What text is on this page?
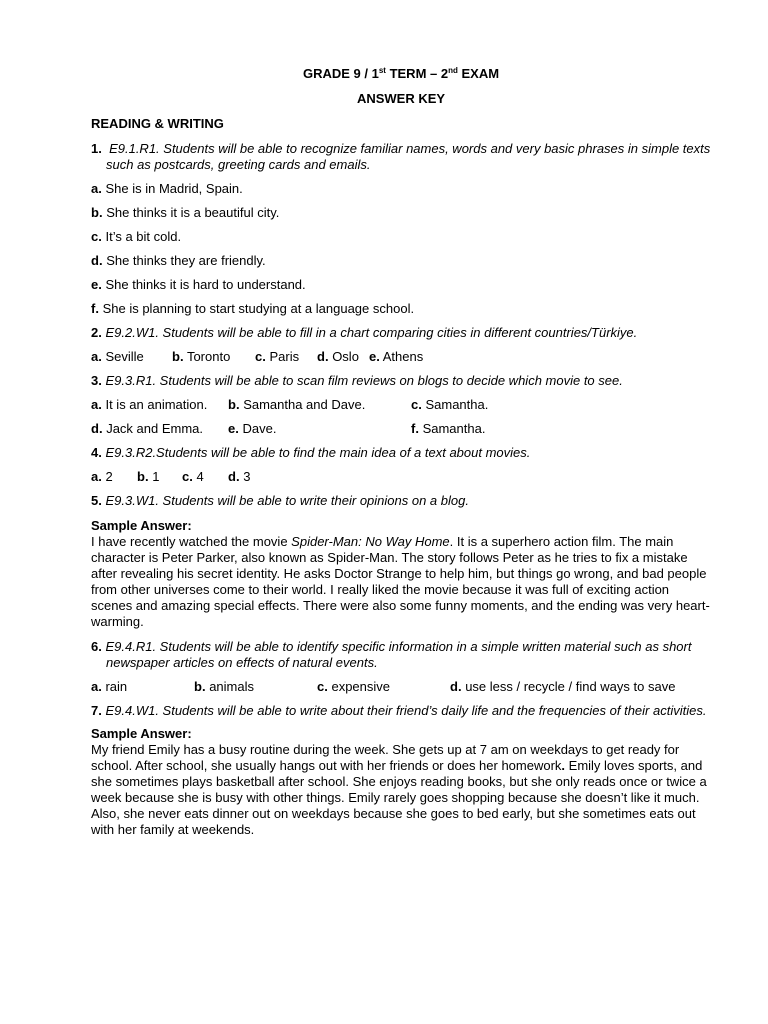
GRADE 9 / 1st TERM – 2nd EXAM
ANSWER KEY
READING & WRITING
1. E9.1.R1. Students will be able to recognize familiar names, words and very basic phrases in simple texts such as postcards, greeting cards and emails.
a. She is in Madrid, Spain.
b. She thinks it is a beautiful city.
c. It’s a bit cold.
d. She thinks they are friendly.
e. She thinks it is hard to understand.
f. She is planning to start studying at a language school.
2. E9.2.W1. Students will be able to fill in a chart comparing cities in different countries/Türkiye.
a. Seville b. Toronto c. Paris d. Oslo e. Athens
3. E9.3.R1. Students will be able to scan film reviews on blogs to decide which movie to see.
a. It is an animation. b. Samantha and Dave.	c. Samantha.
d. Jack and Emma. e. Dave.	f. Samantha.
4. E9.3.R2.Students will be able to find the main idea of a text about movies.
a. 2 b. 1 c. 4 d. 3
5. E9.3.W1. Students will be able to write their opinions on a blog.
Sample Answer:
I have recently watched the movie Spider-Man: No Way Home. It is a superhero action film. The main character is Peter Parker, also known as Spider-Man. The story follows Peter as he tries to fix a mistake after revealing his secret identity. He asks Doctor Strange to help him, but things go wrong, and bad people from other universes come to their world. I really liked the movie because it was full of exciting action scenes and amazing special effects. There were also some funny moments, and the ending was very heart-warming.
6. E9.4.R1. Students will be able to identify specific information in a simple written material such as short newspaper articles on effects of natural events.
a. rain	b. animals	c. expensive	d. use less / recycle / find ways to save
7. E9.4.W1. Students will be able to write about their friend’s daily life and the frequencies of their activities.
Sample Answer:
My friend Emily has a busy routine during the week. She gets up at 7 am on weekdays to get ready for school. After school, she usually hangs out with her friends or does her homework. Emily loves sports, and she sometimes plays basketball after school. She enjoys reading books, but she only reads once or twice a week because she is busy with other things. Emily rarely goes shopping because she doesn’t like it much. Also, she never eats dinner out on weekdays because she goes to bed early, but she sometimes eats out with her family at weekends.
